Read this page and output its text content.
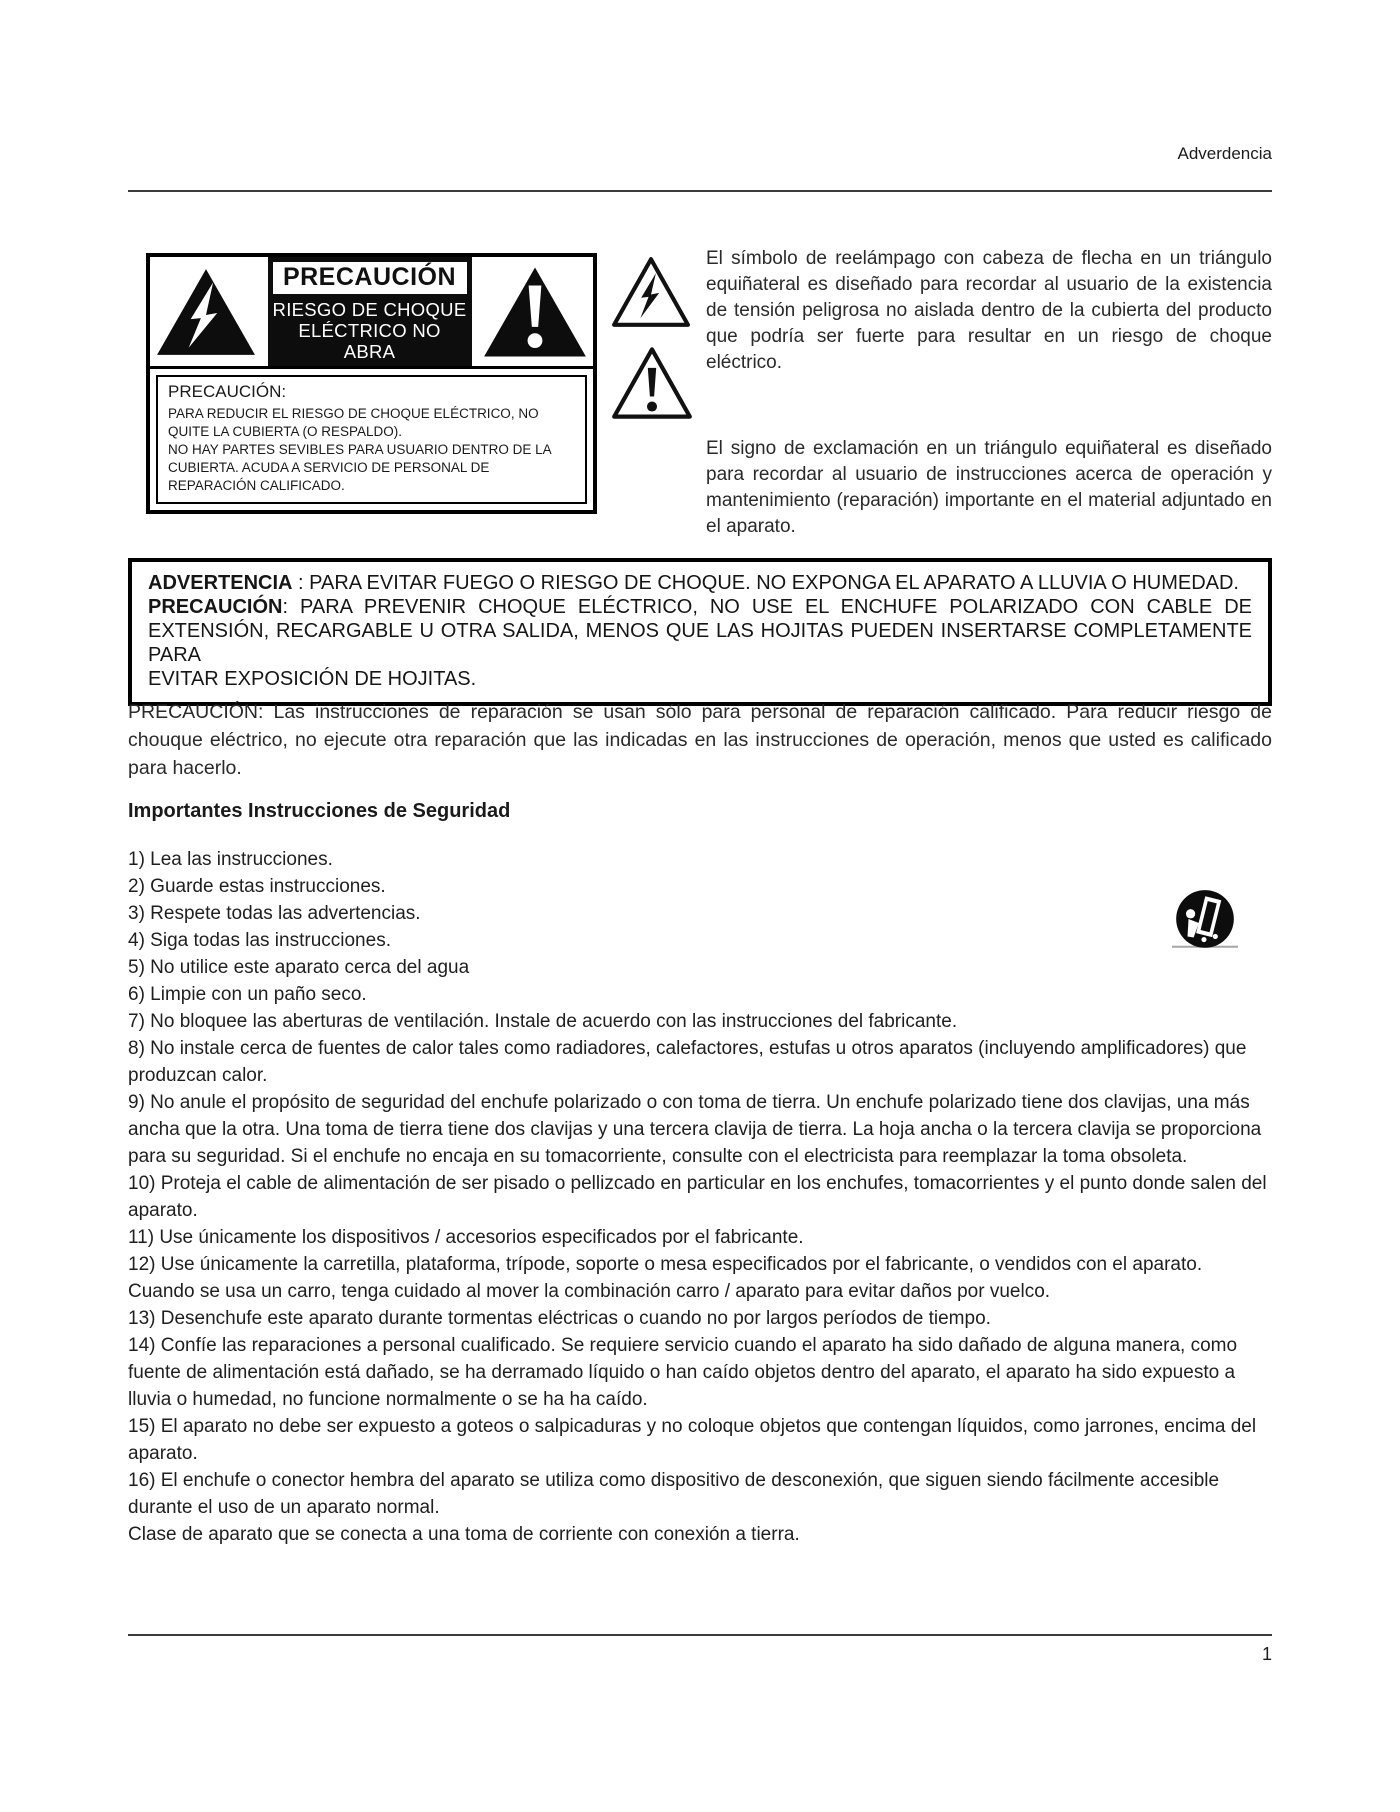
Adverdencia
PRECAUCIÓN
RIESGO DE CHOQUE
ELÉCTRICO NO ABRA
PRECAUCIÓN:
PARA REDUCIR EL RIESGO DE CHOQUE ELÉCTRICO, NO QUITE LA CUBIERTA (O RESPALDO).
NO HAY PARTES SEVIBLES PARA USUARIO DENTRO DE LA CUBIERTA. ACUDA A SERVICIO DE PERSONAL DE REPARACIÓN CALIFICADO.

El símbolo de reelámpago con cabeza de flecha en un triángulo equiñateral es diseñado para recordar al usuario de la existencia de tensión peligrosa no aislada dentro de la cubierta del producto que podría ser fuerte para resultar en un riesgo de choque eléctrico.

El signo de exclamación en un triángulo equiñateral es diseñado para recordar al usuario de instrucciones acerca de operación y mantenimiento (reparación) importante en el material adjuntado en el aparato.

ADVERTENCIA : PARA EVITAR FUEGO O RIESGO DE CHOQUE. NO EXPONGA EL APARATO A LLUVIA O HUMEDAD.
PRECAUCIÓN: PARA PREVENIR CHOQUE ELÉCTRICO, NO USE EL ENCHUFE POLARIZADO CON CABLE DE
EXTENSIÓN, RECARGABLE U OTRA SALIDA, MENOS QUE LAS HOJITAS PUEDEN INSERTARSE COMPLETAMENTE PARA
EVITAR EXPOSICIÓN DE HOJITAS.

PRECAUCIÓN: Las instrucciones de reparación se usan sólo para personal de reparación calificado. Para reducir riesgo de chouque eléctrico, no ejecute otra reparación que las indicadas en las instrucciones de operación, menos que usted es calificado para hacerlo.

Importantes Instrucciones de Seguridad
1) Lea las instrucciones.
2) Guarde estas instrucciones.
3) Respete todas las advertencias.
4) Siga todas las instrucciones.
5) No utilice este aparato cerca del agua
6) Limpie con un paño seco.
7) No bloquee las aberturas de ventilación. Instale de acuerdo con las instrucciones del fabricante.
8) No instale cerca de fuentes de calor tales como radiadores, calefactores, estufas u otros aparatos (incluyendo amplificadores) que produzcan calor.
9) No anule el propósito de seguridad del enchufe polarizado o con toma de tierra. Un enchufe polarizado tiene dos clavijas, una más ancha que la otra. Una toma de tierra tiene dos clavijas y una tercera clavija de tierra. La hoja ancha o la tercera clavija se proporciona para su seguridad. Si el enchufe no encaja en su tomacorriente, consulte con el electricista para reemplazar la toma obsoleta.
10) Proteja el cable de alimentación de ser pisado o pellizcado en particular en los enchufes, tomacorrientes y el punto donde salen del aparato.
11) Use únicamente los dispositivos / accesorios especificados por el fabricante.
12) Use únicamente la carretilla, plataforma, trípode, soporte o mesa especificados por el fabricante, o vendidos con el aparato. Cuando se usa un carro, tenga cuidado al mover la combinación carro / aparato para evitar daños por vuelco.
13) Desenchufe este aparato durante tormentas eléctricas o cuando no por largos períodos de tiempo.
14) Confíe las reparaciones a personal cualificado. Se requiere servicio cuando el aparato ha sido dañado de alguna manera, como fuente de alimentación está dañado, se ha derramado líquido o han caído objetos dentro del aparato, el aparato ha sido expuesto a lluvia o humedad, no funcione normalmente o se ha ha caído.
15) El aparato no debe ser expuesto a goteos o salpicaduras y no coloque objetos que contengan líquidos, como jarrones, encima del aparato.
16) El enchufe o conector hembra del aparato se utiliza como dispositivo de desconexión, que siguen siendo fácilmente accesible durante el uso de un aparato normal.
Clase de aparato que se conecta a una toma de corriente con conexión a tierra.
1
